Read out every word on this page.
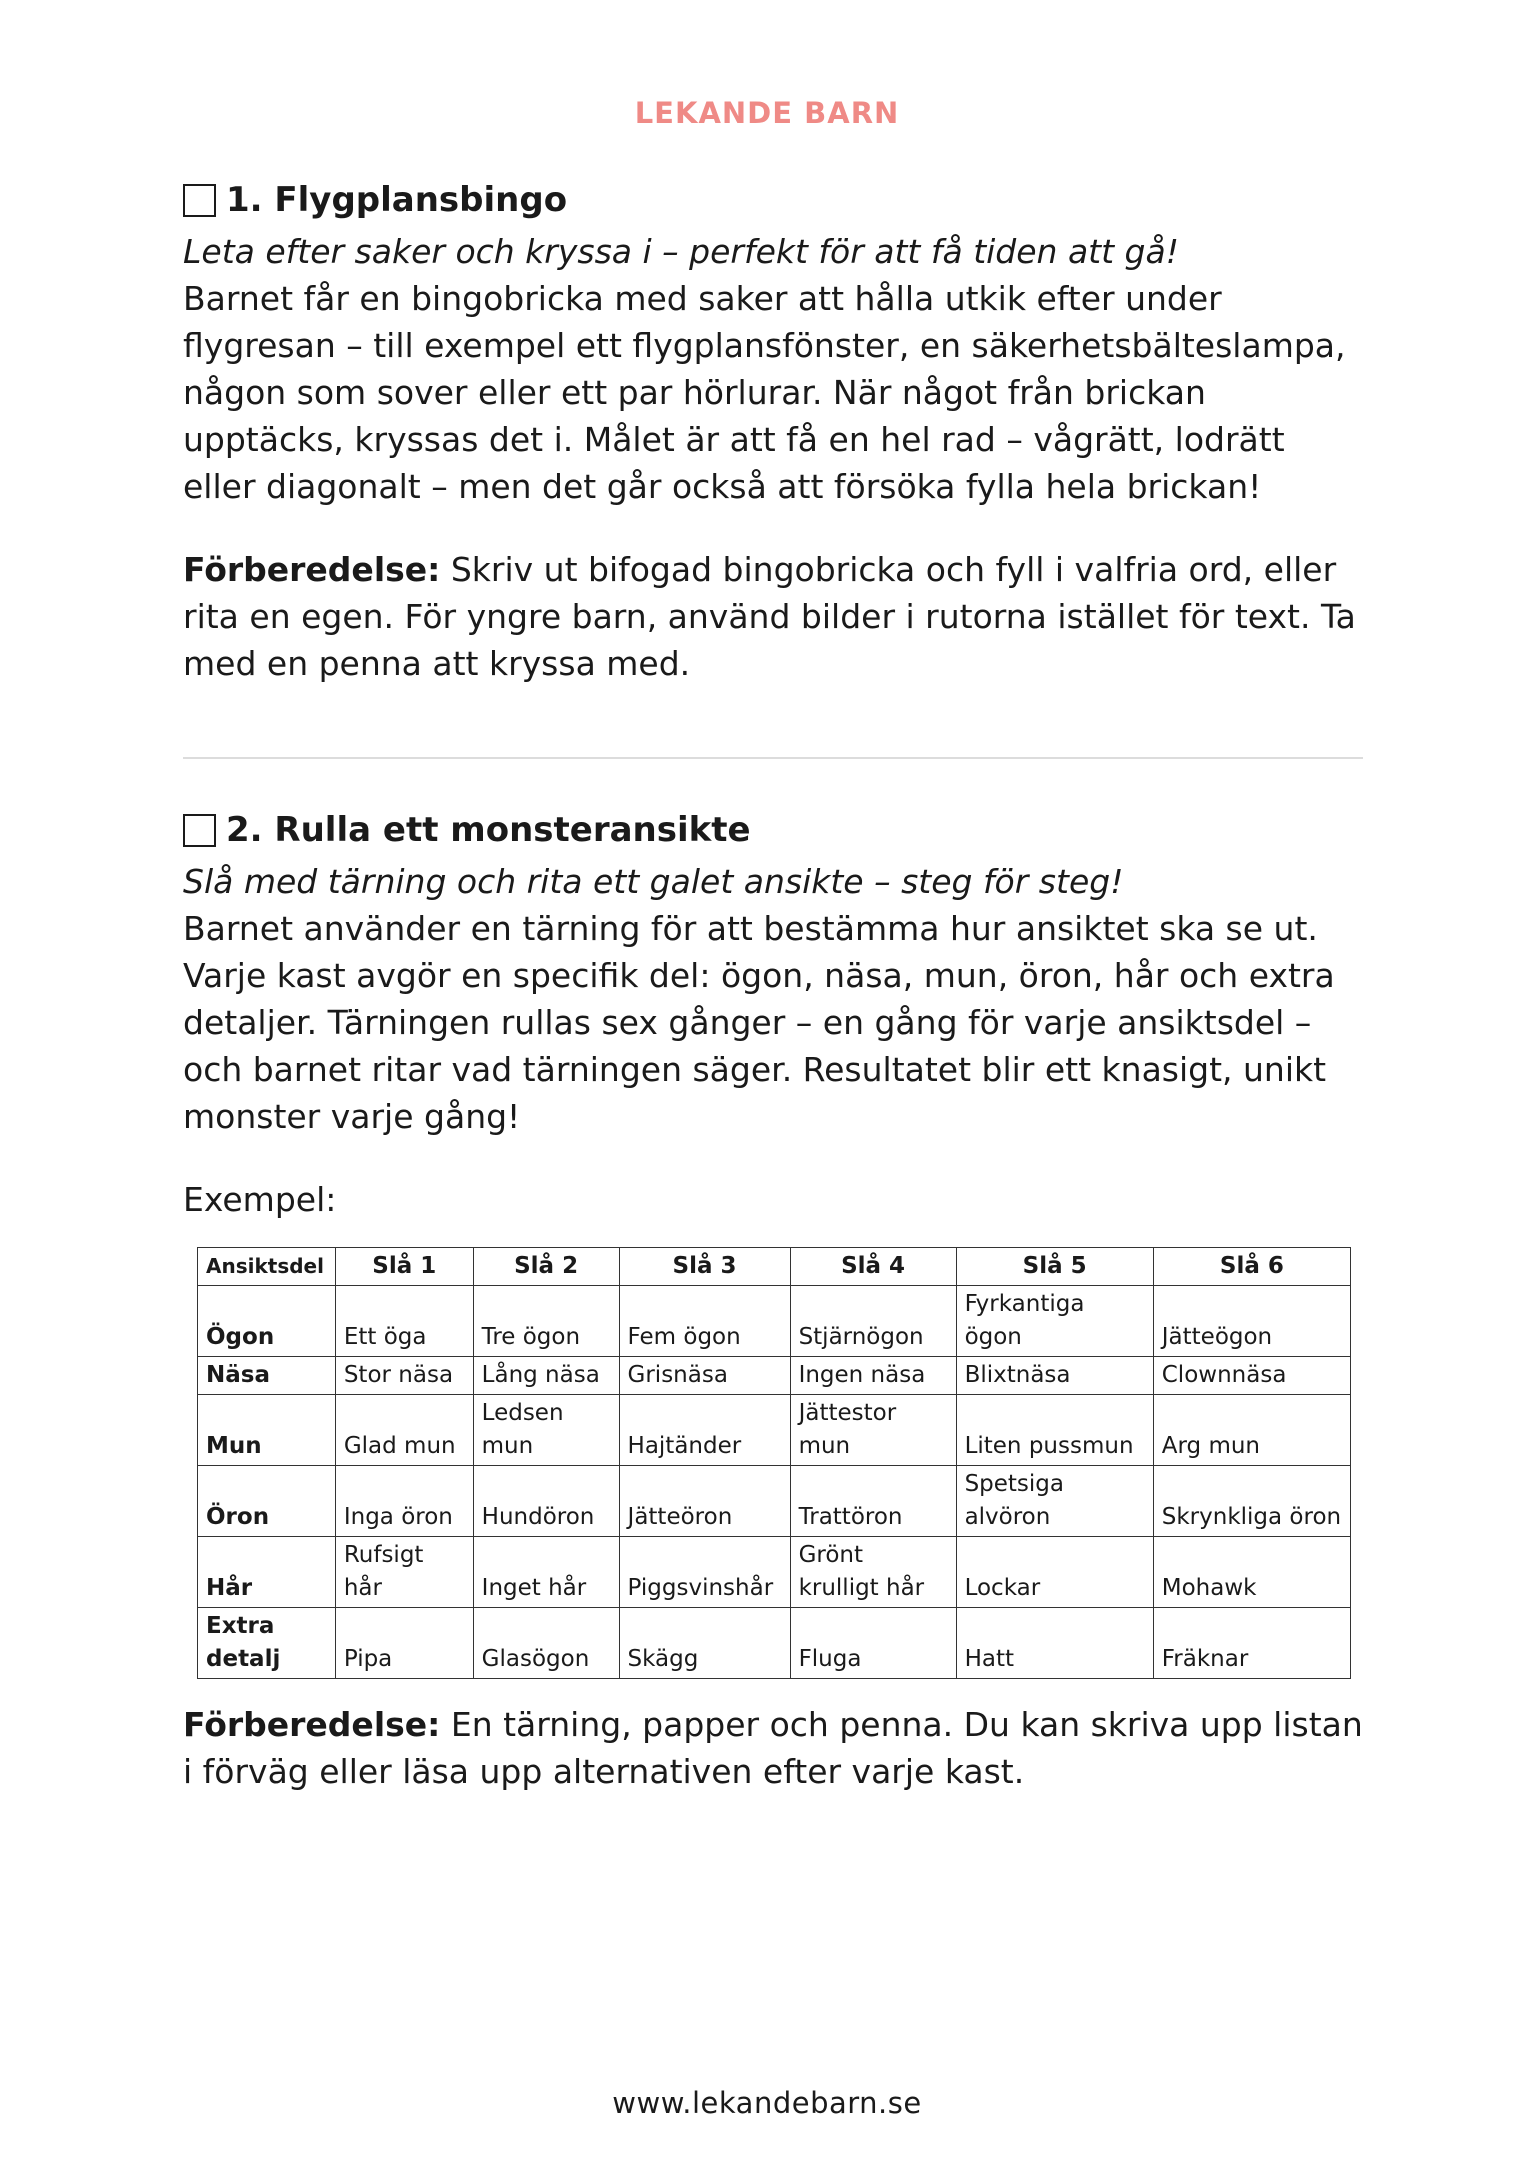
LEKANDE BARN
1. Flygplansbingo
Leta efter saker och kryssa i – perfekt för att få tiden att gå!
Barnet får en bingobricka med saker att hålla utkik efter under flygresan – till exempel ett flygplansfönster, en säkerhetsbälteslampa, någon som sover eller ett par hörlurar. När något från brickan upptäcks, kryssas det i. Målet är att få en hel rad – vågrätt, lodrätt eller diagonalt – men det går också att försöka fylla hela brickan!
Förberedelse: Skriv ut bifogad bingobricka och fyll i valfria ord, eller rita en egen. För yngre barn, använd bilder i rutorna istället för text. Ta med en penna att kryssa med.
2. Rulla ett monsteransikte
Slå med tärning och rita ett galet ansikte – steg för steg!
Barnet använder en tärning för att bestämma hur ansiktet ska se ut. Varje kast avgör en specifik del: ögon, näsa, mun, öron, hår och extra detaljer. Tärningen rullas sex gånger – en gång för varje ansiktsdel – och barnet ritar vad tärningen säger. Resultatet blir ett knasigt, unikt monster varje gång!
Exempel:
Ansiktsdel	Slå 1	Slå 2	Slå 3	Slå 4	Slå 5	Slå 6
Ögon	Ett öga	Tre ögon	Fem ögon	Stjärnögon	Fyrkantiga ögon	Jätteögon
Näsa	Stor näsa	Lång näsa	Grisnäsa	Ingen näsa	Blixtnäsa	Clownnäsa
Mun	Glad mun	Ledsen mun	Hajtänder	Jättestor mun	Liten pussmun	Arg mun
Öron	Inga öron	Hundöron	Jätteöron	Trattöron	Spetsiga alvöron	Skrynkliga öron
Hår	Rufsigt hår	Inget hår	Piggsvinshår	Grönt krulligt hår	Lockar	Mohawk
Extra detalj	Pipa	Glasögon	Skägg	Fluga	Hatt	Fräknar
Förberedelse: En tärning, papper och penna. Du kan skriva upp listan i förväg eller läsa upp alternativen efter varje kast.
www.lekandebarn.se
